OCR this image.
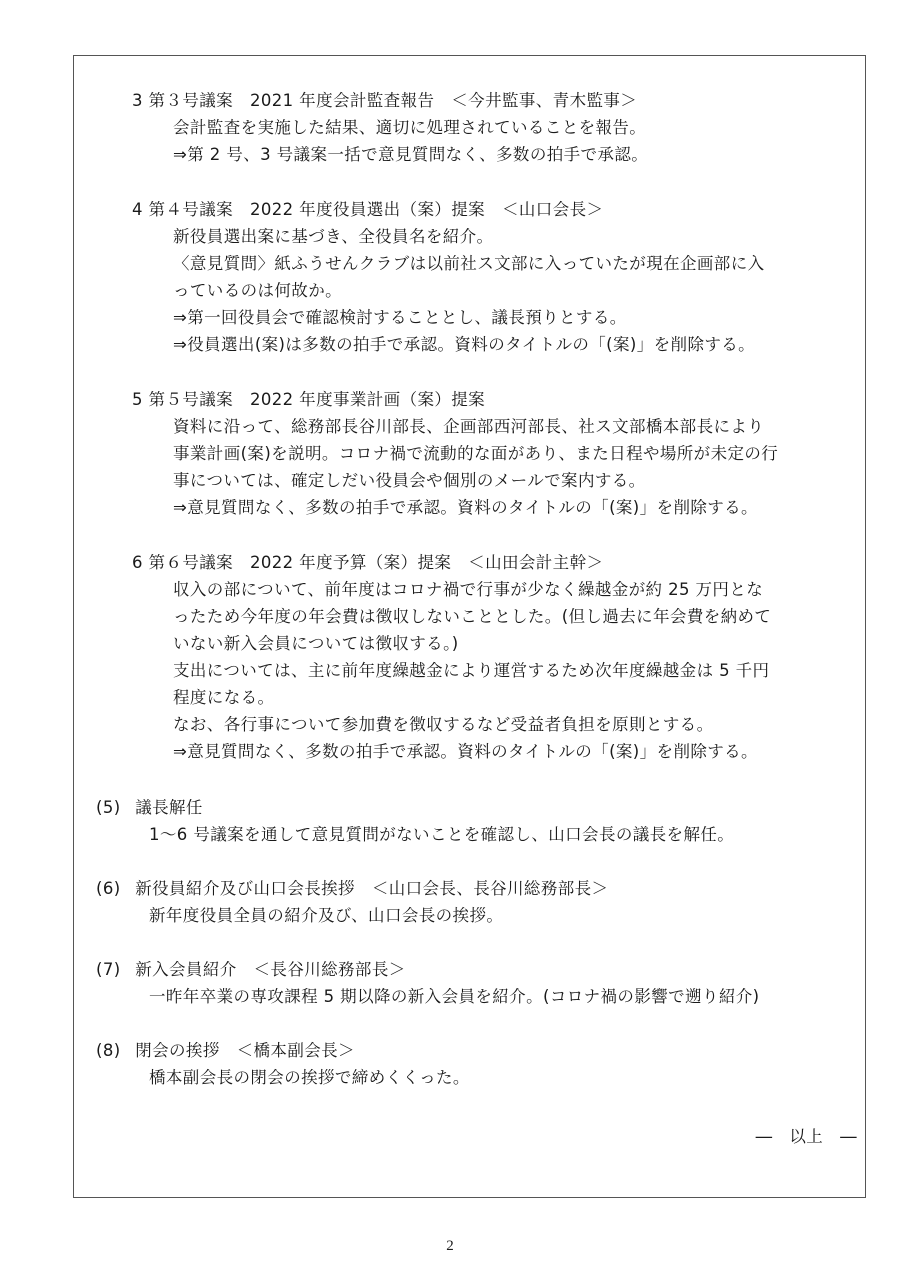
3 第３号議案　2021 年度会計監査報告　＜今井監事、青木監事＞
会計監査を実施した結果、適切に処理されていることを報告。
⇒第 2 号、3 号議案一括で意見質問なく、多数の拍手で承認。
4 第４号議案　2022 年度役員選出（案）提案　＜山口会長＞
新役員選出案に基づき、全役員名を紹介。
〈意見質問〉紙ふうせんクラブは以前社ス文部に入っていたが現在企画部に入
っているのは何故か。
⇒第一回役員会で確認検討することとし、議長預りとする。
⇒役員選出(案)は多数の拍手で承認。資料のタイトルの「(案)」を削除する。
5 第５号議案　2022 年度事業計画（案）提案
資料に沿って、総務部長谷川部長、企画部西河部長、社ス文部橋本部長により
事業計画(案)を説明。コロナ禍で流動的な面があり、また日程や場所が未定の行
事については、確定しだい役員会や個別のメールで案内する。
⇒意見質問なく、多数の拍手で承認。資料のタイトルの「(案)」を削除する。
6 第６号議案　2022 年度予算（案）提案　＜山田会計主幹＞
収入の部について、前年度はコロナ禍で行事が少なく繰越金が約 25 万円とな
ったため今年度の年会費は徴収しないこととした。(但し過去に年会費を納めて
いない新入会員については徴収する。)
支出については、主に前年度繰越金により運営するため次年度繰越金は 5 千円
程度になる。
なお、各行事について参加費を徴収するなど受益者負担を原則とする。
⇒意見質問なく、多数の拍手で承認。資料のタイトルの「(案)」を削除する。
(5) 議長解任
1～6 号議案を通して意見質問がないことを確認し、山口会長の議長を解任。
(6) 新役員紹介及び山口会長挨拶　＜山口会長、長谷川総務部長＞
新年度役員全員の紹介及び、山口会長の挨拶。
(7) 新入会員紹介　＜長谷川総務部長＞
一昨年卒業の専攻課程 5 期以降の新入会員を紹介。(コロナ禍の影響で遡り紹介)
(8) 閉会の挨拶　＜橋本副会長＞
橋本副会長の閉会の挨拶で締めくくった。
―　以上　―
2
